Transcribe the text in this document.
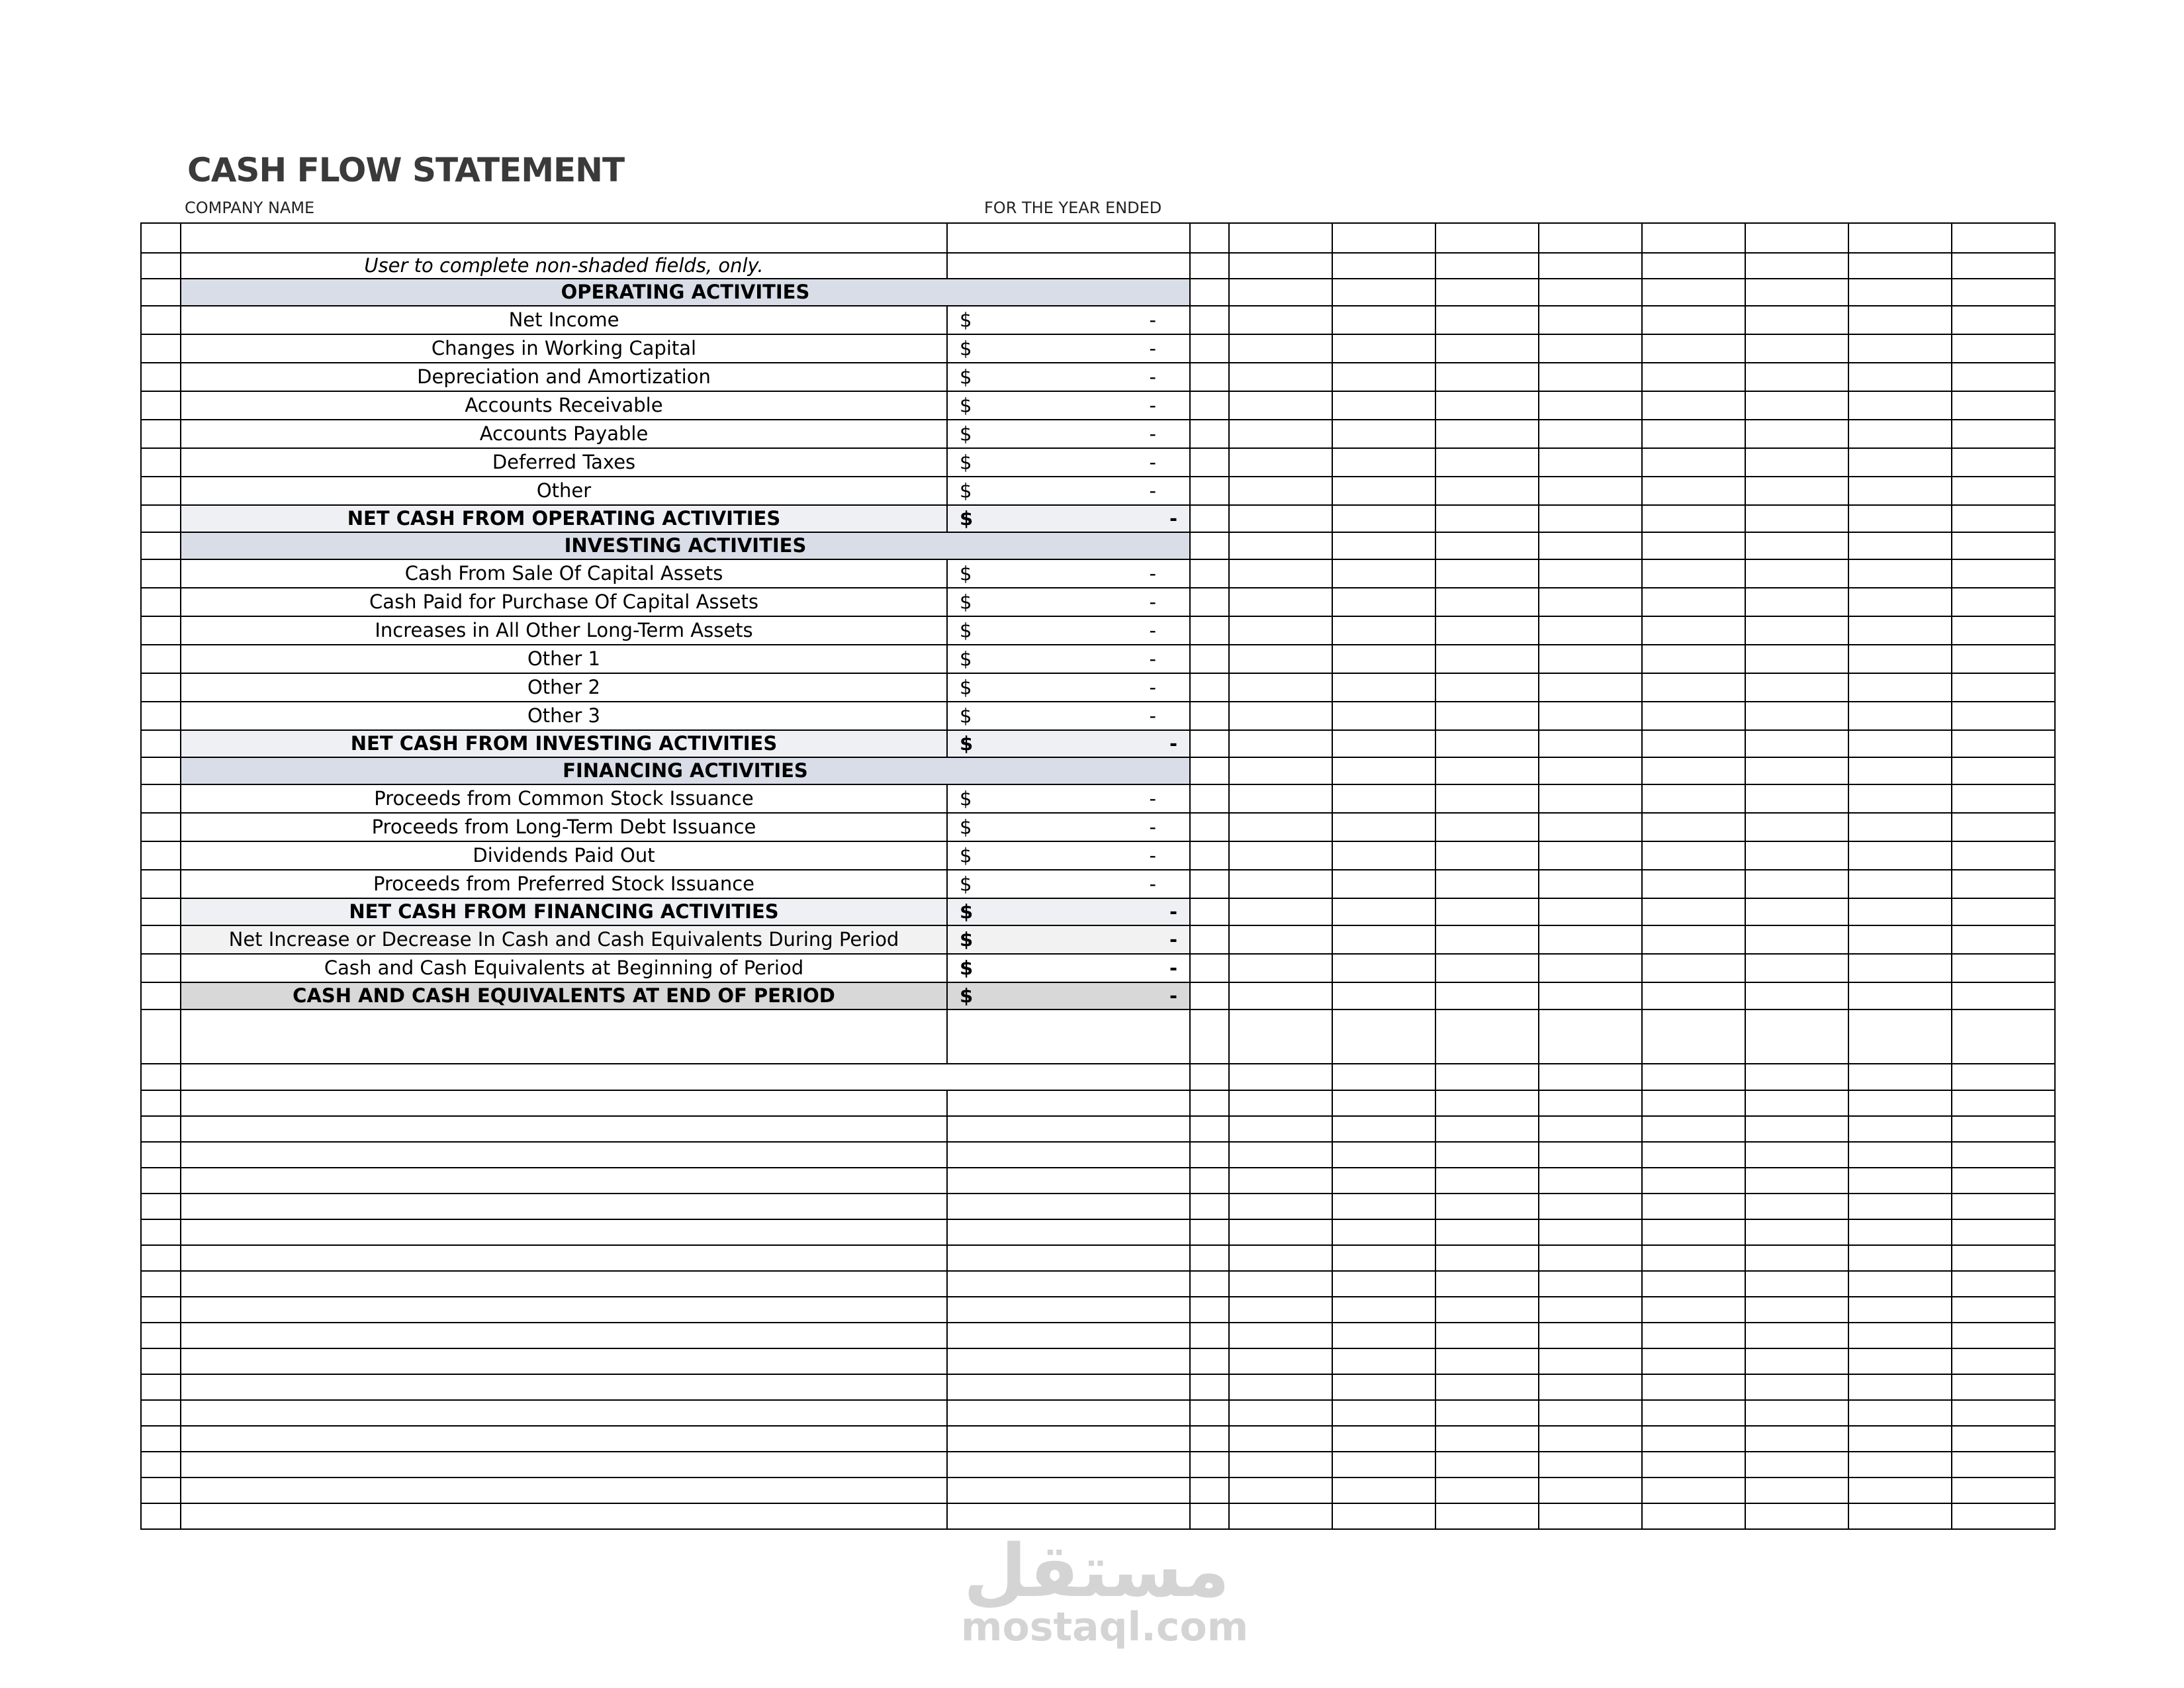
CASH FLOW STATEMENT
COMPANY NAME	FOR THE YEAR ENDED

	User to complete non-shaded fields, only.										
	OPERATING ACTIVITIES										
	Net Income	$ -									

	Changes in Working Capital	$ -									

	Depreciation and Amortization	$ -									

	Accounts Receivable	$ -									

	Accounts Payable	$ -									

	Deferred Taxes	$ -									

	Other	$ -									

	NET CASH FROM OPERATING ACTIVITIES	$ -									

	INVESTING ACTIVITIES										
	Cash From Sale Of Capital Assets	$ -									

	Cash Paid for Purchase Of Capital Assets	$ -									

	Increases in All Other Long-Term Assets	$ -									

	Other 1	$ -									

	Other 2	$ -									

	Other 3	$ -									

	NET CASH FROM INVESTING ACTIVITIES	$ -									

	FINANCING ACTIVITIES										
	Proceeds from Common Stock Issuance	$ -									

	Proceeds from Long-Term Debt Issuance	$ -									

	Dividends Paid Out	$ -									

	Proceeds from Preferred Stock Issuance	$ -									

	NET CASH FROM FINANCING ACTIVITIES	$ -									

	Net Increase or Decrease In Cash and Cash Equivalents During Period	$ -									

	Cash and Cash Equivalents at Beginning of Period	$ -									

	CASH AND CASH EQUIVALENTS AT END OF PERIOD	$ -									

مستقل
mostaql.com
